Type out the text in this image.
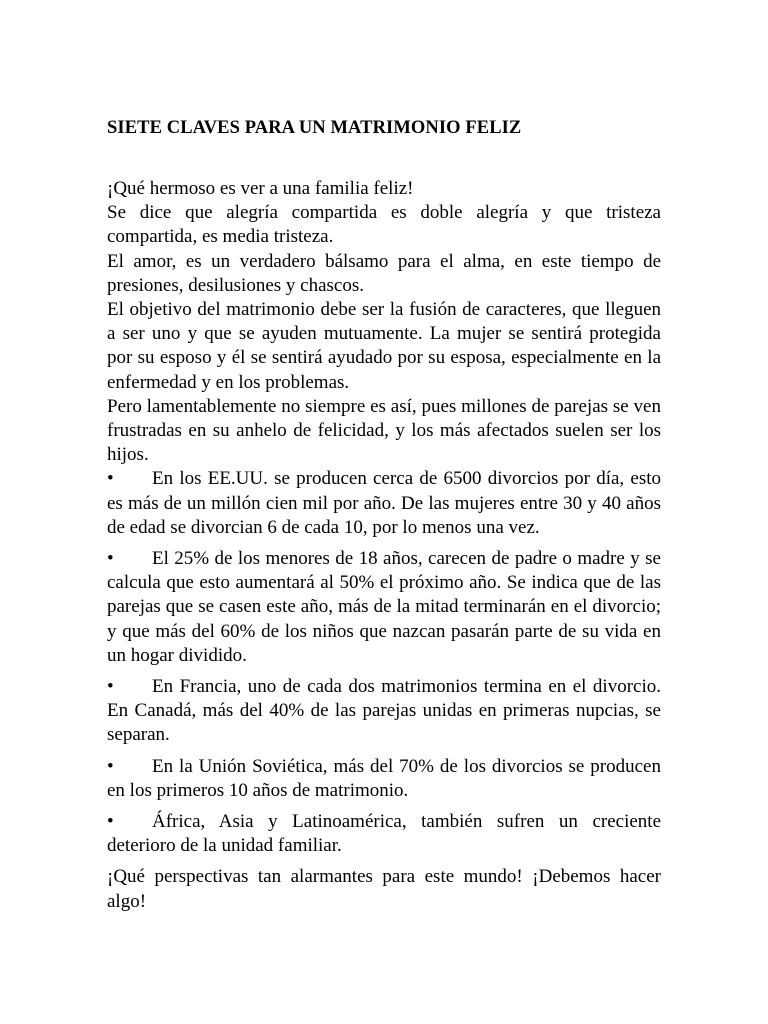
SIETE CLAVES PARA UN MATRIMONIO FELIZ

¡Qué hermoso es ver a una familia feliz!

Se dice que alegría compartida es doble alegría y que tristeza compartida, es media tristeza.

El amor, es un verdadero bálsamo para el alma, en este tiempo de presiones, desilusiones y chascos.

El objetivo del matrimonio debe ser la fusión de caracteres, que lleguen a ser uno y que se ayuden mutuamente. La mujer se sentirá protegida por su esposo y él se sentirá ayudado por su esposa, especialmente en la enfermedad y en los problemas.

Pero lamentablemente no siempre es así, pues millones de parejas se ven frustradas en su anhelo de felicidad, y los más afectados suelen ser los hijos.

• En los EE.UU. se producen cerca de 6500 divorcios por día, esto es más de un millón cien mil por año. De las mujeres entre 30 y 40 años de edad se divorcian 6 de cada 10, por lo menos una vez.
• El 25% de los menores de 18 años, carecen de padre o madre y se calcula que esto aumentará al 50% el próximo año. Se indica que de las parejas que se casen este año, más de la mitad terminarán en el divorcio; y que más del 60% de los niños que nazcan pasarán parte de su vida en un hogar dividido.
• En Francia, uno de cada dos matrimonios termina en el divorcio. En Canadá, más del 40% de las parejas unidas en primeras nupcias, se separan.
• En la Unión Soviética, más del 70% de los divorcios se producen en los primeros 10 años de matrimonio.
• África, Asia y Latinoamérica, también sufren un creciente deterioro de la unidad familiar.

¡Qué perspectivas tan alarmantes para este mundo! ¡Debemos hacer algo!
